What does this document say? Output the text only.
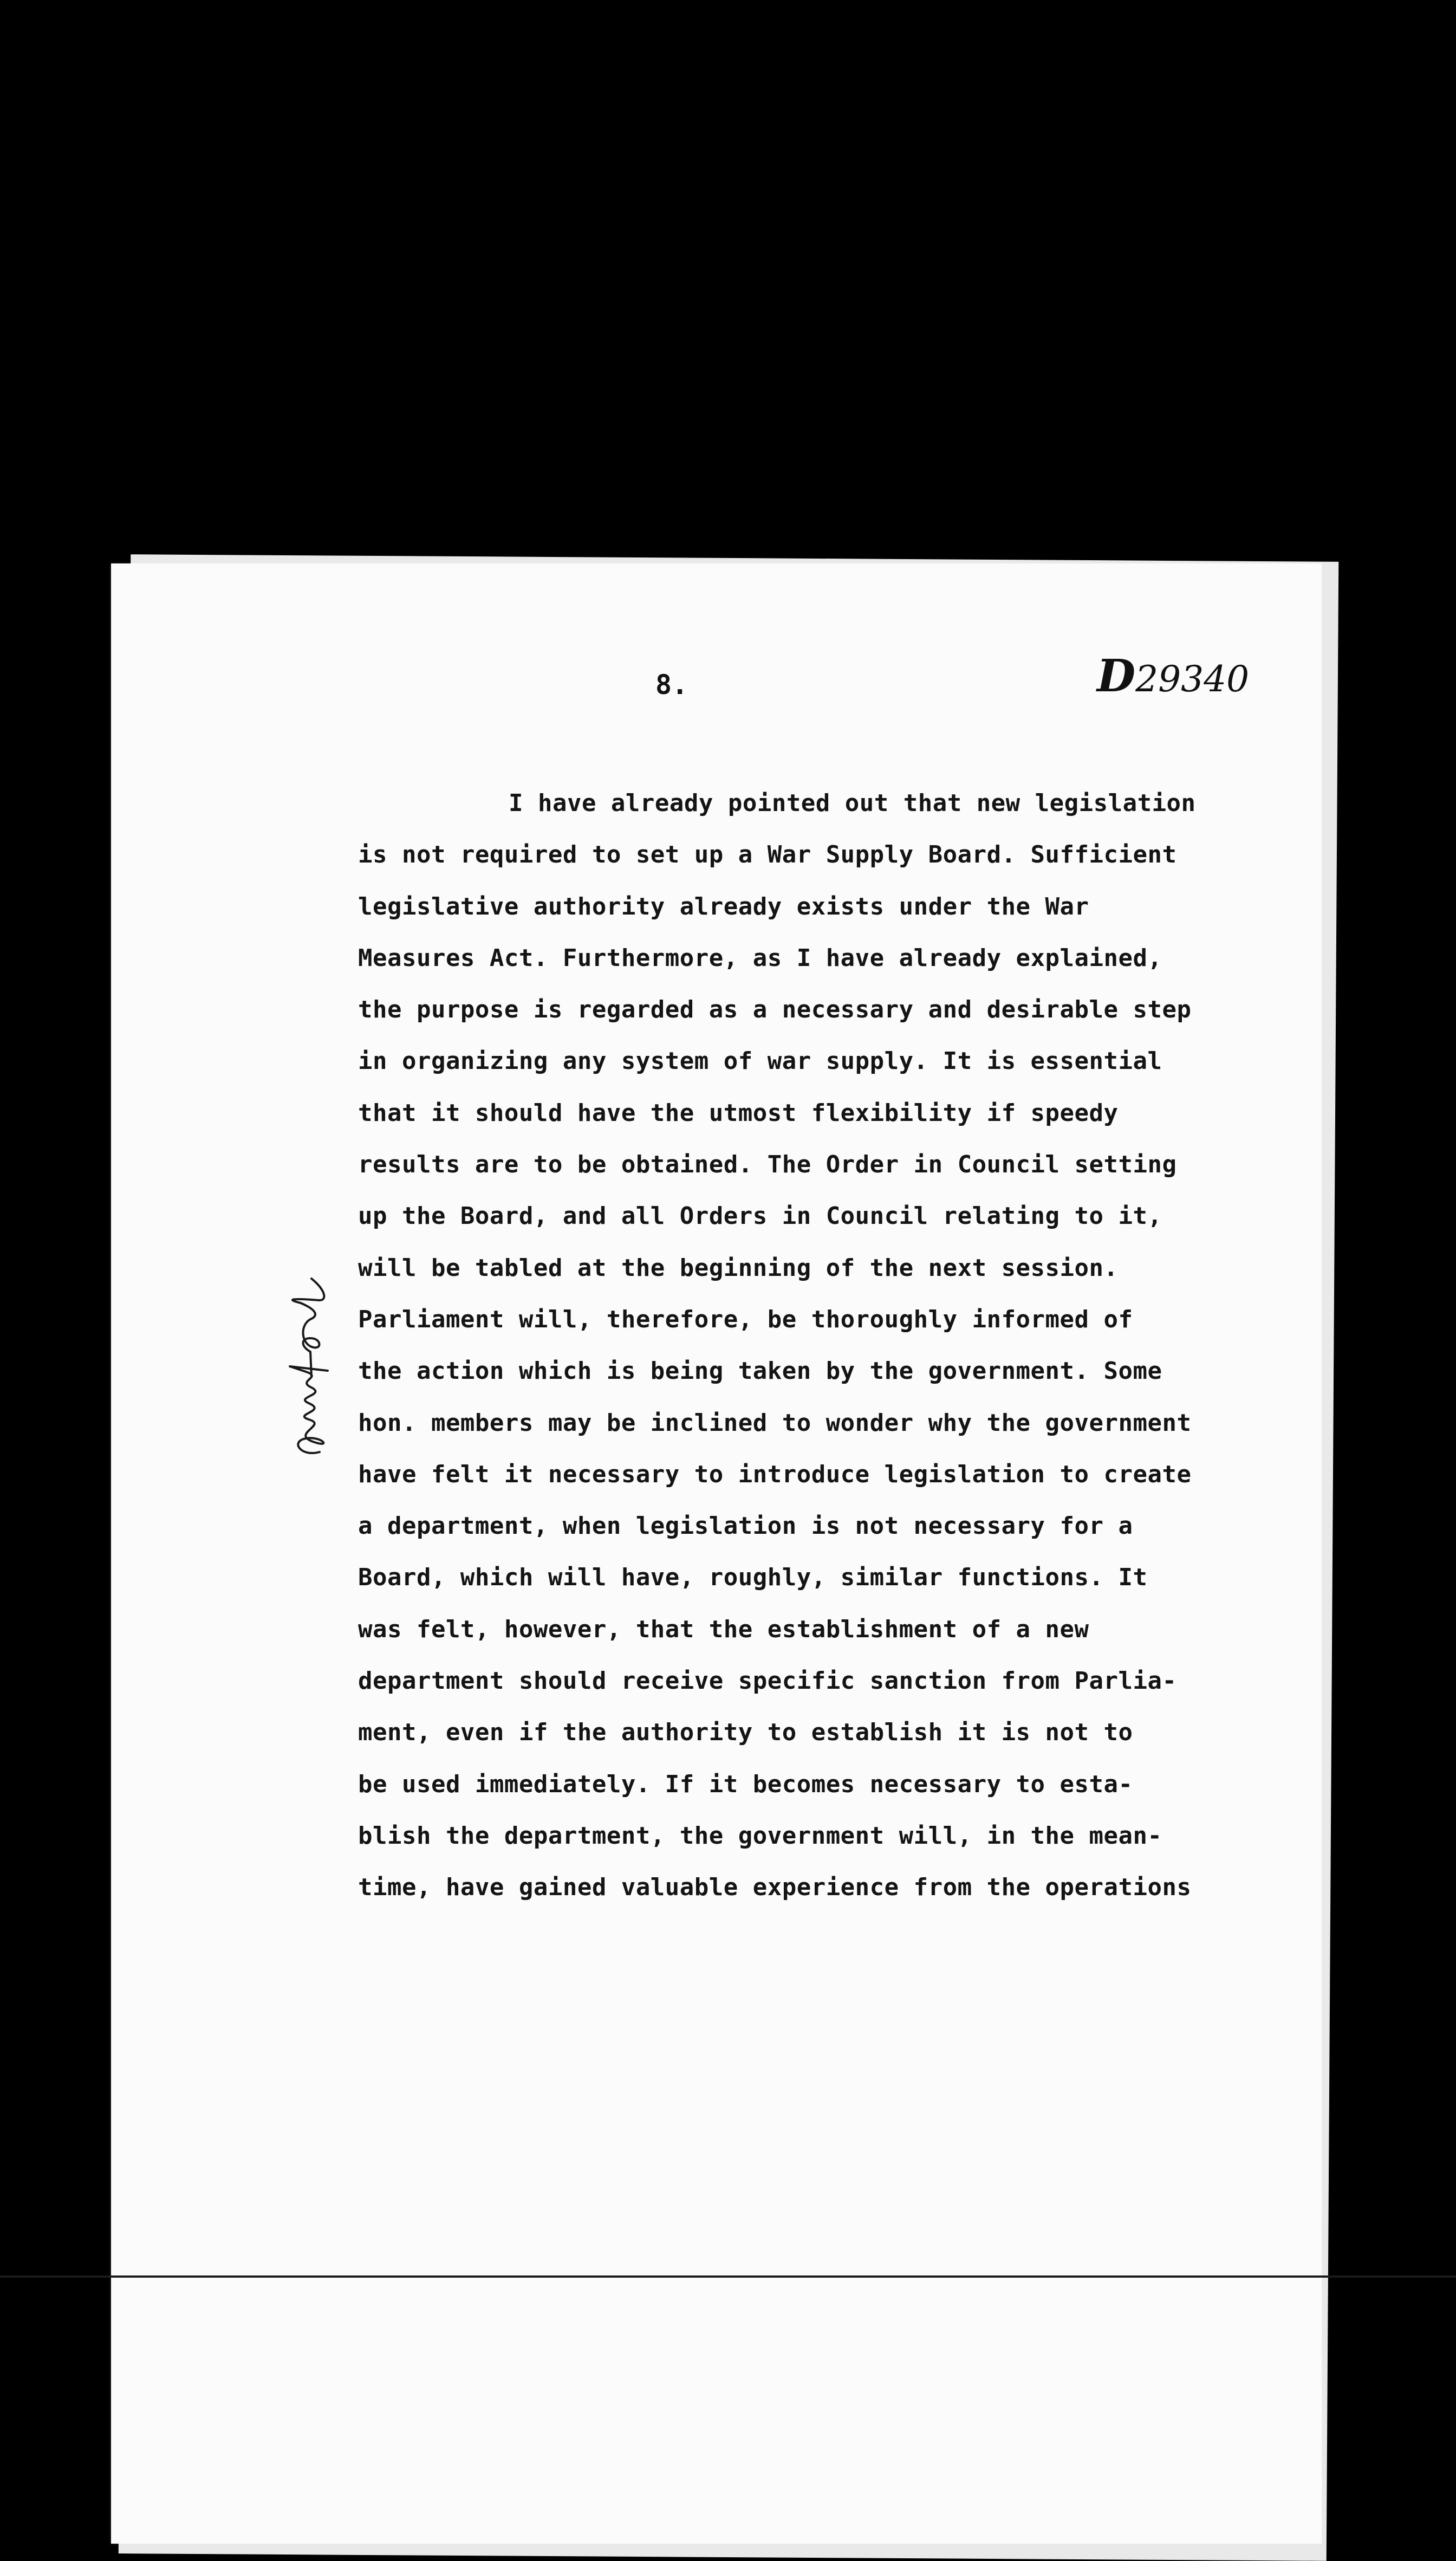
8.	D29340
I have already pointed out that new legislation
is not required to set up a War Supply Board. Sufficient
legislative authority already exists under the War
Measures Act. Furthermore, as I have already explained,
the purpose is regarded as a necessary and desirable step
in organizing any system of war supply. It is essential
that it should have the utmost flexibility if speedy
results are to be obtained. The Order in Council setting
up the Board, and all Orders in Council relating to it,
will be tabled at the beginning of the next session.
Parliament will, therefore, be thoroughly informed of
the action which is being taken by the government. Some
hon. members may be inclined to wonder why the government
have felt it necessary to introduce legislation to create
a department, when legislation is not necessary for a
Board, which will have, roughly, similar functions. It
was felt, however, that the establishment of a new
department should receive specific sanction from Parlia-
ment, even if the authority to establish it is not to
be used immediately. If it becomes necessary to esta-
blish the department, the government will, in the mean-
time, have gained valuable experience from the operations
